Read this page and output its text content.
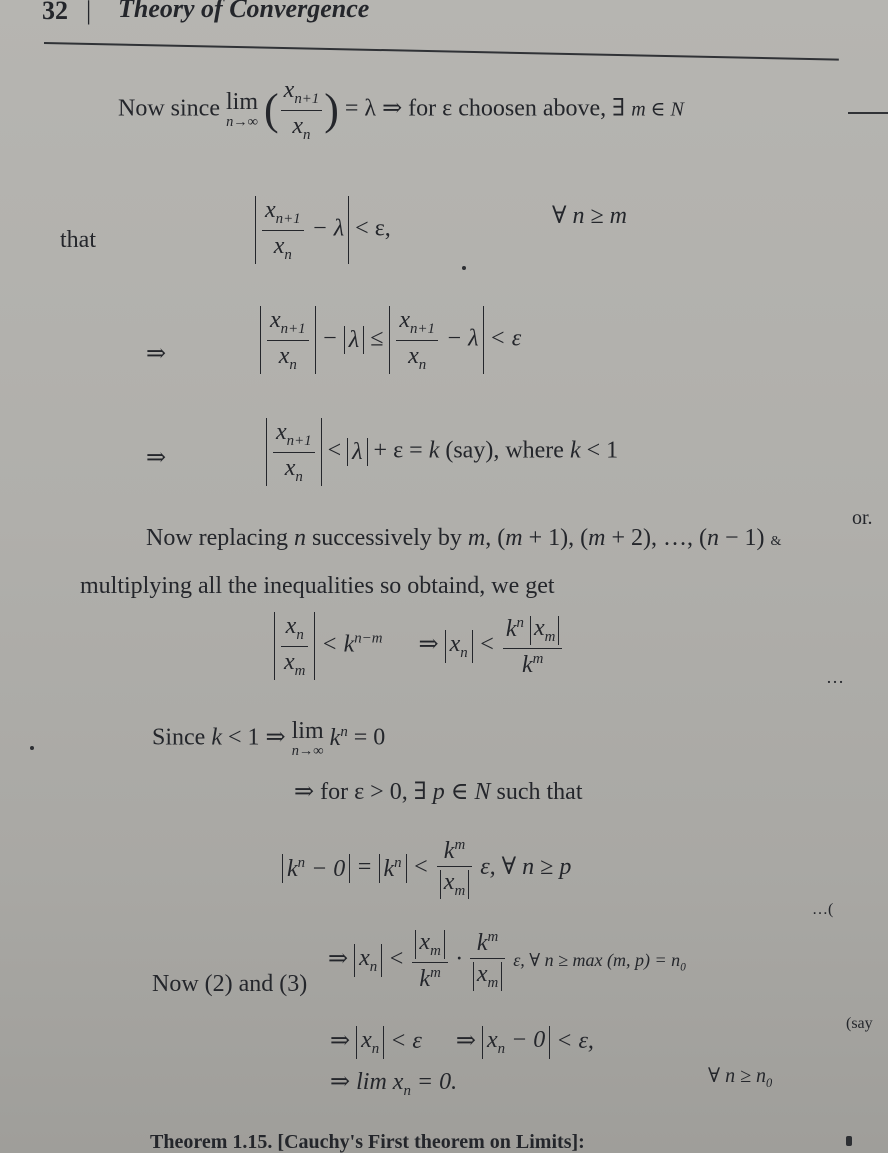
32 | Theory of Convergence
Now since lim
n→∞ ( $\frac{x_{n+1}}{x_n}$ ) = λ ⇒ for ε choosen above, ∃ m ∈ N
that	$\frac{x_{n+1}}{x_n} - \lambda < \varepsilon$,	∀ n ≥ m
⇒	$\frac{x_{n+1}}{x_n} - \lambda \le \frac{x_{n+1}}{x_n} - \lambda < \varepsilon$
⇒	$\frac{x_{n+1}}{x_n} < \lambda + \varepsilon = k$ (say), where k < 1
or.
Now replacing n successively by m, (m + 1), (m + 2), …, (n − 1) &
multiplying all the inequalities so obtaind, we get
$\frac{x_n}{x_m} < k^{n-m}$ ⇒ $x_n < \frac{k^n x_m}{k^m}$
…
Since k < 1 ⇒ lim
n→∞
$k^n = 0$
⇒ for ε > 0, ∃ p ∈ N such that
$k^n - 0 = k^n < \frac{k^m}{x_m} \varepsilon$, ∀ n ≥ p
…(
Now (2) and (3)
⇒ $x_n < \frac{x_m}{k^m} \cdot \frac{k^m}{x_m} \varepsilon$, ∀ n ≥ max (m, $p) = n_0$
(say
⇒ $x_n < \varepsilon$  ⇒ $x_n - 0 < \varepsilon$,
∀ $n \ge n_0$
⇒ $\lim x_n = 0$.
Theorem 1.15. [Cauchy's First theorem on Limits]:
